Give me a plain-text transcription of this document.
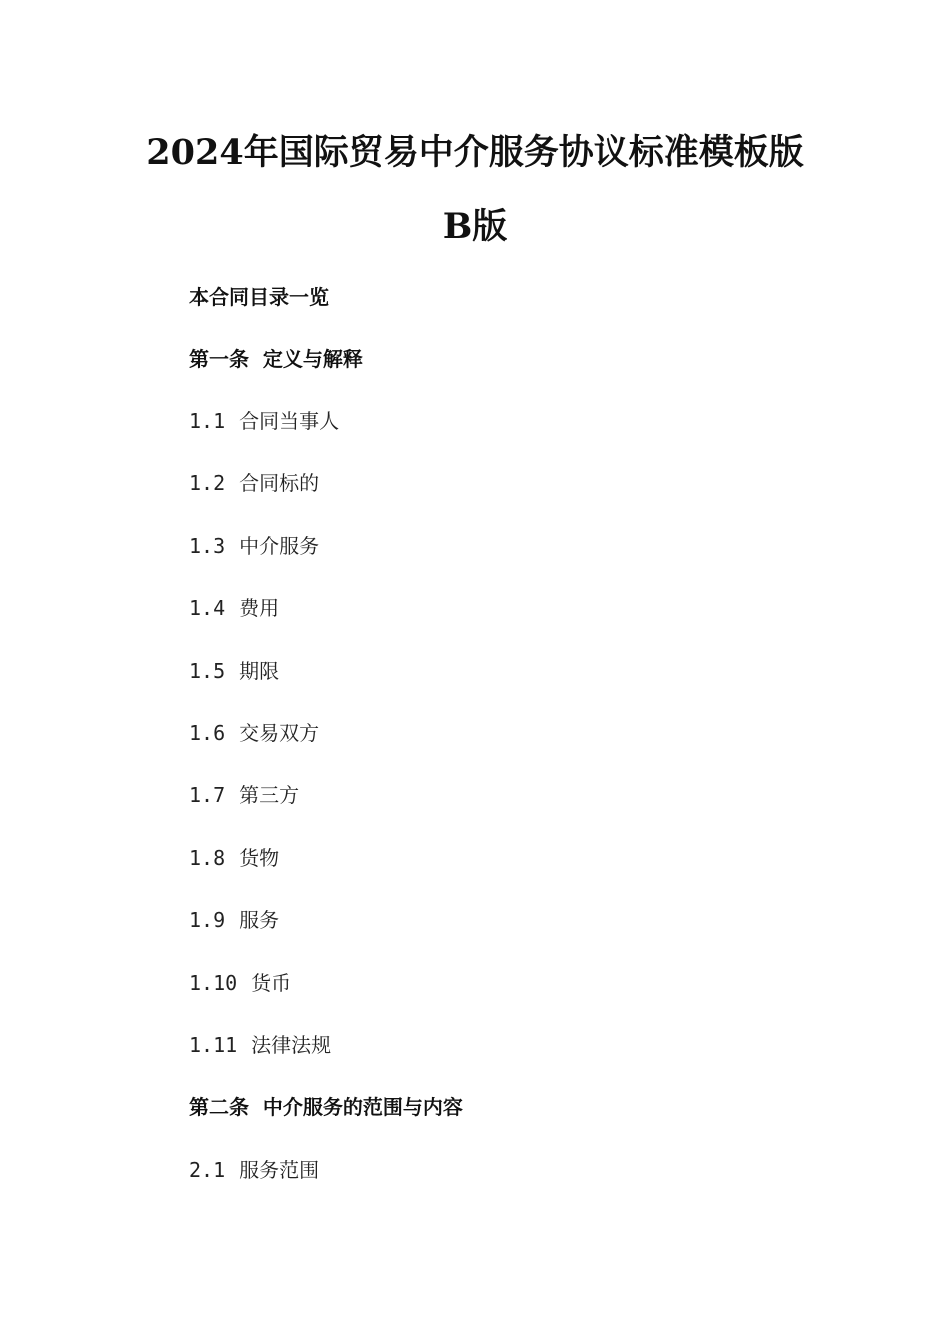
2024年国际贸易中介服务协议标准模板版
B版

本合同目录一览

第一条  定义与解释

1.1 合同当事人

1.2 合同标的

1.3 中介服务

1.4 费用

1.5 期限

1.6 交易双方

1.7 第三方

1.8 货物

1.9 服务

1.10 货币

1.11 法律法规

第二条  中介服务的范围与内容

2.1 服务范围
